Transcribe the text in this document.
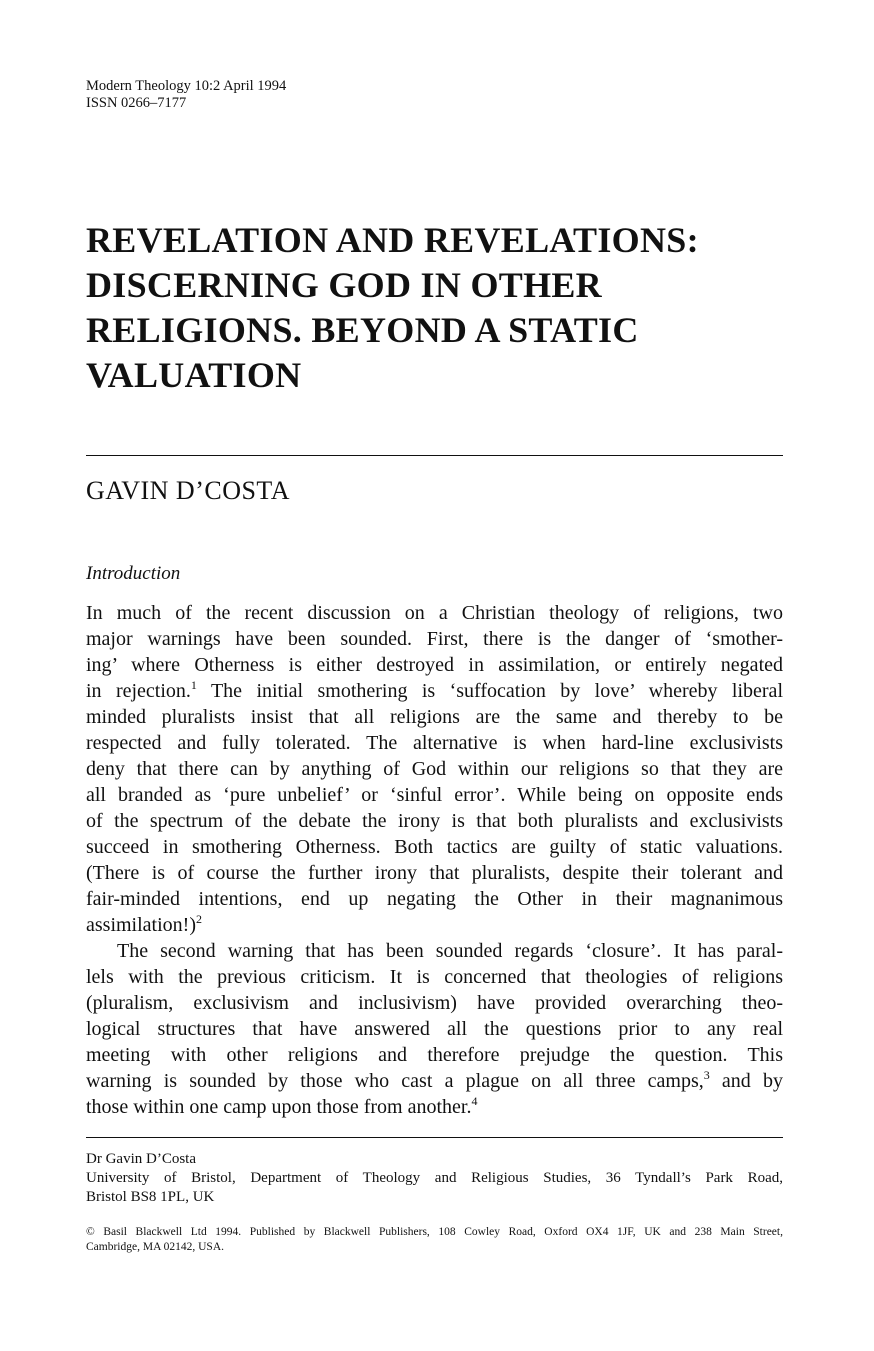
Modern Theology 10:2 April 1994
ISSN 0266–7177
REVELATION AND REVELATIONS:
DISCERNING GOD IN OTHER
RELIGIONS. BEYOND A STATIC
VALUATION
GAVIN D’COSTA
Introduction
In much of the recent discussion on a Christian theology of religions, two
major warnings have been sounded. First, there is the danger of ‘smother-
ing’ where Otherness is either destroyed in assimilation, or entirely negated
in rejection.$^1$ The initial smothering is ‘suffocation by love’ whereby liberal
minded pluralists insist that all religions are the same and thereby to be
respected and fully tolerated. The alternative is when hard-line exclusivists
deny that there can by anything of God within our religions so that they are
all branded as ‘pure unbelief’ or ‘sinful error’. While being on opposite ends
of the spectrum of the debate the irony is that both pluralists and exclusivists
succeed in smothering Otherness. Both tactics are guilty of static valuations.
(There is of course the further irony that pluralists, despite their tolerant and
fair-minded intentions, end up negating the Other in their magnanimous
assimilation!)$^2$
The second warning that has been sounded regards ‘closure’. It has paral-
lels with the previous criticism. It is concerned that theologies of religions
(pluralism, exclusivism and inclusivism) have provided overarching theo-
logical structures that have answered all the questions prior to any real
meeting with other religions and therefore prejudge the question. This
warning is sounded by those who cast a plague on all three camps,$^3$ and by
those within one camp upon those from another.$^4$
Dr Gavin D’Costa
University of Bristol, Department of Theology and Religious Studies, 36 Tyndall’s Park Road,
Bristol BS8 1PL, UK
© Basil Blackwell Ltd 1994. Published by Blackwell Publishers, 108 Cowley Road, Oxford OX4 1JF, UK and 238 Main Street,
Cambridge, MA 02142, USA.
